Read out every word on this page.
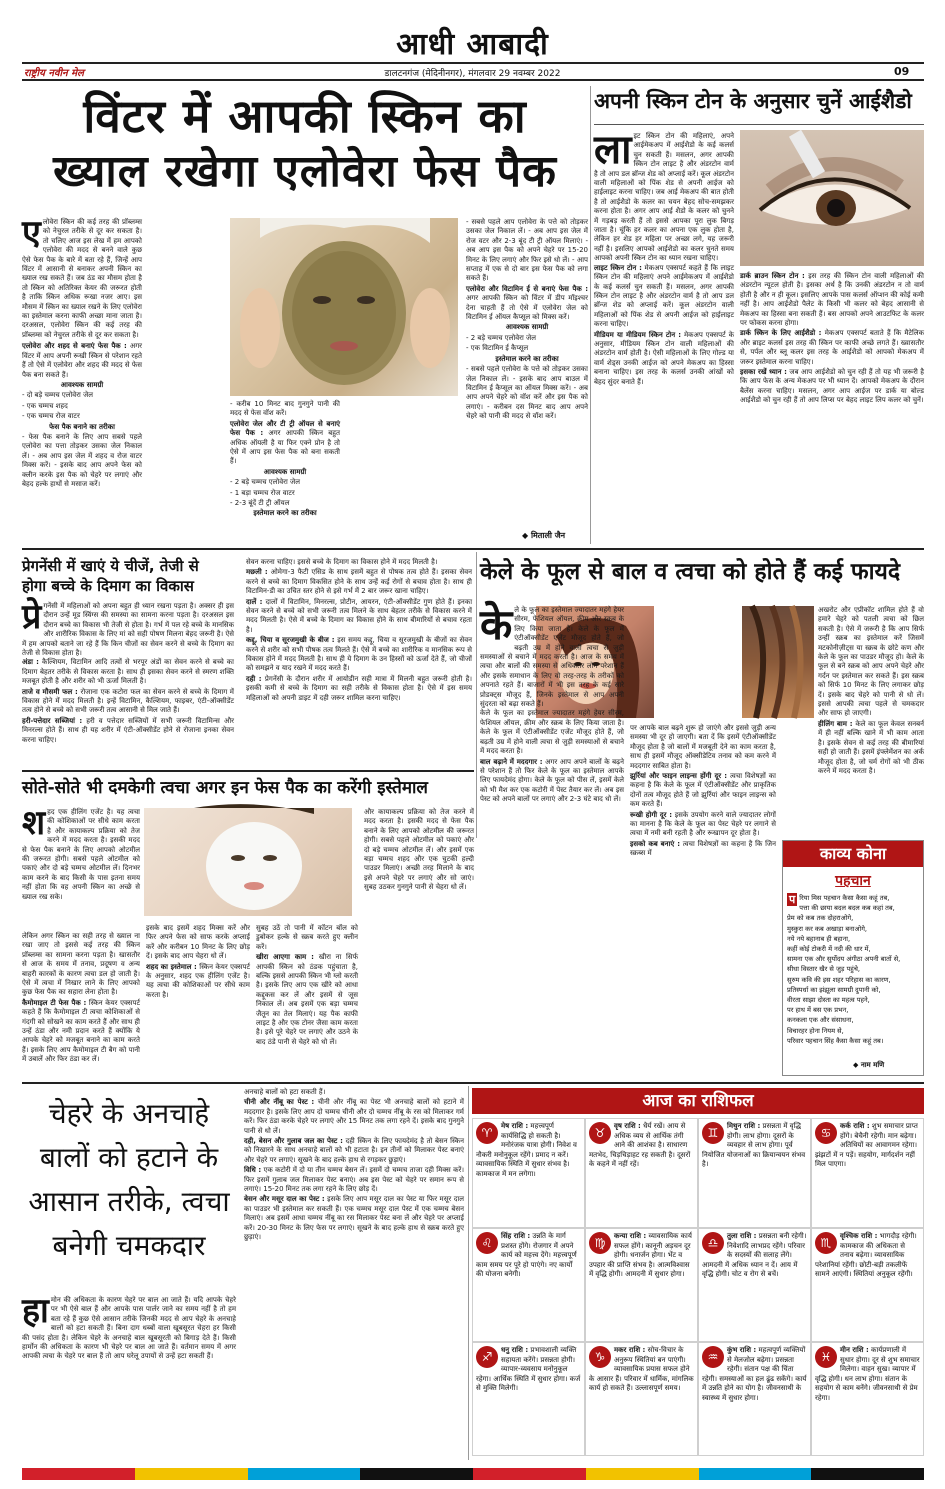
आधी आबादी
राष्ट्रीय नवीन मेल	डालटनगंज (मेदिनीनगर), मंगलवार 29 नवम्बर 2022	09
विंटर में आपकी स्किन का
ख्याल रखेगा एलोवेरा फेस पैक
ए लोवेरा स्किन की कई तरह की प्रॉब्लम्स को नेचुरल तरीके से दूर कर सकता है। तो चलिए आज इस लेख में हम आपको एलोवेरा की मदद से बनने वाले कुछ ऐसे फेस पैक के बारे में बता रहे हैं, जिन्हें आप विंटर में आसानी से बनाकर अपनी स्किन का ख्याल रख सकते हैं। जब ठंड का मौसम होता है तो स्किन को अतिरिक्त केयर की जरूरत होती है ताकि स्किन अधिक रूखा नजर आए। इस मौसम में स्किन का ख्याल रखने के लिए एलोवेरा का इस्तेमाल करना काफी अच्छा माना जाता है। दरअसल, एलोवेरा स्किन की कई तरह की प्रॉब्लम्स को नेचुरल तरीके से दूर कर सकता है।

एलोवेरा और शहद से बनाएं फेस पैक : अगर विंटर में आप अपनी रूखी स्किन से परेशान रहते हैं तो ऐसे में एलोवेरा और शहद की मदद से फेस पैक बना सकते हैं।

आवश्यक सामग्री

- दो बड़े चम्मच एलोवेरा जेल

- एक चम्मच शहद

- एक चम्मच रोज वाटर

फेस पैक बनाने का तरीका

- फेस पैक बनाने के लिए आप सबसे पहले एलोवेरा का पत्ता तोड़कर उसका जेल निकाल लें। - अब आप इस जेल में शहद व रोज वाटर मिक्स करें। - इसके बाद आप अपने फेस को क्लीन करके इस पैक को चेहरे पर लगाएं और बेहद हल्के हाथों से मसाज करें।

- करीब 10 मिनट बाद गुनगुने पानी की मदद से फेस वॉश करें।

एलोवेरा जेल और टी ट्री ऑयल से बनाएं फेस पैक : अगर आपकी स्किन बहुत अधिक ऑयली है या फिर एक्ने प्रोन है तो ऐसे में आप इस फेस पैक को बना सकती हैं।

आवश्यक सामग्री

- 2 बड़े चम्मच एलोवेरा जेल

- 1 बड़ा चम्मच रोज वाटर

- 2-3 बूंदें टी ट्री ऑयल

इस्तेमाल करने का तरीका

- सबसे पहले आप एलोवेरा के पत्ते को तोड़कर उसका जेल निकाल लें। - अब आप इस जेल में रोज वटर और 2-3 बूंद टी ट्री ऑयल मिलाएं। - अब आप इस पैक को अपने चेहरे पर 15-20 मिनट के लिए लगाएं और फिर इसे धो लें। - आप सप्ताह में एक से दो बार इस फेस पैक को लगा सकते हैं।

एलोवेरा और विटामिन ई से बनाएं फेस पैक : अगर आपकी स्किन को विंटर में डीप मॉइश्चर देना चाहती हैं तो ऐसे में एलोवेरा जेल को विटामिन ई ऑयल कैप्सूल को मिक्स करें।

आवश्यक सामग्री

- 2 बड़े चम्मच एलोवेरा जेल

- एक विटामिन ई कैप्सूल

इस्तेमाल करने का तरीका

- सबसे पहले एलोवेरा के पत्ते को तोड़कर उसका जेल निकाल लें। - इसके बाद आप बाउल में विटामिन ई कैप्सूल का ऑयल मिक्स करें। - अब आप अपने चेहरे को वॉश करें और इस पैक को लगाएं। - करीबन दस मिनट बाद आप अपने चेहरे को पानी की मदद से वॉश करें।

◆ मिताली जैन
अपनी स्किन टोन के अनुसार चुनें आईशैडो
ला इट स्किन टोन की महिलाएं, अपने आईमेकअप में आईशैडो के कई कलर्स चुन सकती हैं। मसलन, अगर आपकी स्किन टोन लाइट है और अंडरटोन वार्म है तो आप डल ब्रॉन्ज शेड को अप्लाई करें। कूल अंडरटोन वाली महिलाओं को पिंक शेड से अपनी आईज को हाईलाइट करना चाहिए। जब आई मेकअप की बात होती है तो आईशैडो के कलर का चयन बेहद सोच-समझकर करना होता है। अगर आप आई शैडो के कलर को चुनने में गड़बड़ करती हैं तो इससे आपका पूरा लुक बिगड़ जाता है। चूंकि हर कलर का अपना एक लुक होता है, लेकिन हर शेड हर महिला पर अच्छा लगे, यह जरूरी नहीं है। इसलिए आपको आईशैडो का कलर चुनते समय आपको अपनी स्किन टोन का ध्यान रखना चाहिए।

लाइट स्किन टोन : मेकअप एक्सपर्ट कहते हैं कि लाइट स्किन टोन की महिलाएं अपने आईमेकअप में आईशैडो के कई कलर्स चुन सकती हैं। मसलन, अगर आपकी स्किन टोन लाइट है और अंडरटोन वार्म है तो आप डल ब्रॉन्ज शेड को अप्लाई करें। कूल अंडरटोन वाली महिलाओं को पिंक शेड से अपनी आईज को हाईलाइट करना चाहिए।

मीडियम या मीडियम स्किन टोन : मेकअप एक्सपर्ट के अनुसार, मीडियम स्किन टोन वाली महिलाओं की अंडरटोन वार्म होती है। ऐसी महिलाओं के लिए गोल्ड या वार्म शेड्स उनकी आईज को अपने मेकअप का हिस्सा बनाना चाहिए। इस तरह के कलर्स उनकी आंखों को बेहद सुंदर बनाते हैं।

डार्क ब्राउन स्किन टोन : इस तरह की स्किन टोन वाली महिलाओं की अंडरटोन न्यूटल होती है। इसका अर्थ है कि उनकी अंडरटोन न तो वार्म होती है और न ही कूल। इसलिए आपके पास कलर्स ऑप्शन की कोई कमी नहीं है। आप आईशैडो पैलेट के किसी भी कलर को बेहद आसानी से मेकअप का हिस्सा बना सकती हैं। बस आपको अपने आउटफिट के कलर पर फोकस करना होगा।

डार्क स्किन के लिए आईशैडो : मेकअप एक्सपर्ट बताते हैं कि मैटेलिक और ब्राइट कलर्स इस तरह की स्किन पर काफी अच्छे लगते हैं। ख्वासतौर से, पर्पल और ब्लू कलर इस तरह के आईशैडो को आपको मेकअप में जरूर इस्तेमाल करना चाहिए।

इसका रखें ध्यान : जब आप आईशैडो को चुन रही हैं तो यह भी जरूरी है कि आप फेस के अन्य मेकअप पर भी ध्यान दें। आपको मेकअप के दौरान बैलेंस करना चाहिए। मसलन, अगर आप आईज पर डार्क या बोल्ड आईशैडो को चुन रही हैं तो आप लिप्स पर बेहद लाइट लिप कलर को चुनें।

प्रेगनेंसी में खाएं ये चीजें, तेजी से
होगा बच्चे के दिमाग का विकास
प्रे गनेंसी में महिलाओं को अपना बहुत ही ध्यान रखना पड़ता है। अक्सर ही इस दौरान उन्हें मूड स्विंग्स की समस्या का सामना करना पड़ता है। दरअसल इस दौरान बच्चे का विकास भी तेजी से होता है। गर्भ में पल रहे बच्चे के मानसिक और शारीरिक विकास के लिए मां को सही पोषण मिलना बेहद जरूरी है। ऐसे में हम आपको बताने जा रहे हैं कि किन चीजों का सेवन करने से बच्चे के दिमाग का तेजी से विकास होता है।

अंडा : कैल्शियम, विटामिन आदि तत्वों से भरपूर अंडों का सेवन करने से बच्चे का दिमाग बेहतर तरीके से विकास करता है। साथ ही इसका सेवन करने से स्मरण शक्ति मजबूत होती है और शरीर को भी ऊर्जा मिलती है।

ताजे व मौसमी फल : रोजाना एक कटोरा फल का सेवन करने से बच्चे के दिमाग में विकास होने में मदद मिलती है। इन्हें विटामिन, कैल्शियम, फाइबर, एंटी-ऑक्सीडेंट तत्व होने से बच्चे को सभी जरूरी तत्व आसानी से मिल जाते हैं।

हरी-पत्तेदार सब्जियां : हरी व पत्तेदार सब्जियों में सभी जरूरी विटामिन्स और मिनरल्स होते हैं। साथ ही यह शरीर में एंटी-ऑक्सीडेंट होने से रोजाना इनका सेवन करना चाहिए।

सेवन करना चाहिए। इससे बच्चे के दिमाग का विकास होने में मदद मिलती है।

मछली : ओमेगा-3 फैटी एसिड के साथ इसमें बहुत से पोषक तत्व होते हैं। इसका सेवन करने से बच्चे का दिमाग विकसित होने के साथ उन्हें कई रोगों से बचाव होता है। साथ ही विटामिन-डी का उचित स्तर होने से इसे गर्भ में 2 बार जरूर खाना चाहिए।

दालें : दालों में विटामिन, मिनरल्स, प्रोटीन, आयरन, एंटी-ऑक्सीडेंट गुण होते हैं। इनका सेवन करने से बच्चे को सभी जरूरी तत्व मिलने के साथ बेहतर तरीके से विकास करने में मदद मिलती है। ऐसे में बच्चे के दिमाग का विकास होने के साथ बीमारियों से बचाव रहता है।

कद्दू, चिया व सूरजमुखी के बीज : इस समय कद्दू, चिया व सूरजमुखी के बीजों का सेवन करने से शरीर को सभी पौषक तत्व मिलते हैं। ऐसे में बच्चे का शारीरिक व मानसिक रूप से विकास होने में मदद मिलती है। साथ ही ये दिमाग के उन हिस्सों को ऊर्जा देते हैं, जो चीजों को समझने व याद रखने में मदद करते हैं।

दही : प्रेगनेंसी के दौरान शरीर में आयोडीन सही मात्रा में मिलनी बहुत जरूरी होती है। इसकी कमी से बच्चे के दिमाग का सही तरीके से विकास होता है। ऐसे में इस समय महिलाओं को अपनी डाइट में दही जरूर शामिल करना चाहिए।

केले के फूल से बाल व त्वचा को होते हैं कई फायदे
के ले के फूल का इस्तेमाल ज्यादातर महंगे हेयर सीरम, फेशियल ऑयल, क्रीम और स्क्रब के लिए किया जाता है। केले के फूल में एंटीऑक्सीडेंट एजेंट मौजूद होते हैं, जो बढ़ती उम्र में होने वाली त्वचा से जुड़ी समस्याओं से बचाने में मदद करता है। आज के समय में त्वचा और बालों की समस्या से अधिकतर लोग परेशान हैं और इसके समाधान के लिए वो तरह-तरह के तरीकों को अपनाते रहते हैं। बाजारों में भी इस तरह के कई सारे प्रोडक्ट्स मौजूद हैं, जिनके इस्तेमाल से आप अपनी सुंदरता को बढ़ा सकते हैं।

केले के फूल का इस्तेमाल ज्यादातर महंगे हेयर सीरम, फेशियल ऑयल, क्रीम और स्क्रब के लिए किया जाता है। केले के फूल में एंटीऑक्सीडेंट एजेंट मौजूद होते हैं, जो बढ़ती उम्र में होने वाली त्वचा से जुड़ी समस्याओं से बचाने में मदद करता है।

बाल बढ़ाने में मददगार : अगर आप अपने बालों के बढ़ने से परेशान हैं तो फिर केले के फूल का इस्तेमाल आपके लिए फायदेमंद होगा। केले के फूल को पीस लें, इसमें केले को भी मैश कर एक कटोरी में पेस्ट तैयार कर लें। अब इस पेस्ट को अपने बालों पर लगाएं और 2-3 घंटे बाद धो लें।

पर आपके बाल बढ़ने शुरू हो जाएंगे और इससे जुड़ी अन्य समस्या भी दूर हो जाएगी। बता दें कि इसमें एंटीऑक्सीडेंट मौजूद होता है जो बालों में मजबूती देने का काम करता है, साथ ही इसमें मौजूद ऑक्सीडेटिव तनाव को कम करने में मददगार साबित होता है।

झुर्रियां और फाइन लाइन्स होंगी दूर : त्वचा विशेषज्ञों का कहना है कि केले के फूल में एंटीऑक्सीडेंट और प्राकृतिक दोनों तत्व मौजूद होते हैं जो झुर्रियां और फाइन लाइन्स को कम करते हैं।

रूखी होगी दूर : इसके उपयोग करने वाले ज्यादातर लोगों का मानना है कि केले के फूल का पेस्ट चेहरे पर लगाने से त्वचा में नमी बनी रहती है और रूखापन दूर होता है।

इसको कब बनाएं : त्वचा विशेषज्ञों का कहना है कि जिन स्क्रब्स में

अखरोट और एप्रीकॉट शामिल होते हैं वो हमारे चेहरे को पतली त्वचा को छिल सकती है। ऐसे में जरूरी है कि आप सिर्फ उन्हीं स्क्रब का इस्तेमाल करें जिसमें मटकोनीज़ीट्स या स्क्रब के छोटे कण और केले के फूल का पाउडर मौजूद हो। केले के फूल से बने स्क्रब को आप अपने चेहरे और गर्दन पर इस्तेमाल कर सकते हैं। इस स्क्रब को सिर्फ 10 मिनट के लिए लगाकर छोड़ दें। इसके बाद चेहरे को पानी से धो लें। इससे आपकी त्वचा पहले से चमकदार और साफ हो जाएगी।

हीलिंग बाम : केले का फूल केवल सनबर्न में ही नहीं बल्कि खाने में भी काम आता है। इसके सेवन से कई तरह की बीमारियां सही हो जाती हैं। इसमें इंफ्लेमेंशन का अर्क मौजूद होता है, जो चर्म रोगों को भी ठीक करने में मदद करता है।

सोते-सोते भी दमकेगी त्वचा अगर इन फेस पैक का करेंगी इस्तेमाल
श हद एक हीलिंग एजेंट है। यह त्वचा की कोशिकाओं पर सीधे काम करता है और कायाकल्प प्रक्रिया को तेज करने में मदद करता है। इसकी मदद से फेस पैक बनाने के लिए आपको ओटमील की जरूरत होगी। सबसे पहले ओटमील को पकाएं और दो बड़े चम्मच ओटमील लें। दिनभर काम करने के बाद किसी के पास इतना समय नहीं होता कि वह अपनी स्किन का अच्छे से ख्याल रख सके।

लेकिन अगर स्किन का सही तरह से ख्याल ना रखा जाए तो इससे कई तरह की स्किन प्रॉब्लम्स का सामना करना पड़ता है। खासतौर से आज के समय में तनाव, प्रदूषण व अन्य बाहरी कारकों के कारण त्वचा डल हो जाती है। ऐसे में त्वचा में निखार लाने के लिए आपको कुछ फेस पैक का सहारा लेना होता है।

कैमोमाइल टी फेस पैक : स्किन केयर एक्सपर्ट कहते हैं कि कैमोमाइल टी त्वचा कोशिकाओं से गंदगी को सोखने का काम करते हैं और साथ ही उन्हें ठंडा और नमी प्रदान करते हैं क्योंकि ये आपके चेहरे को मजबूत बनाने का काम करते हैं। इसके लिए आप कैमोमाइल टी बैग को पानी में उबालें और फिर ठंडा कर लें।

इसके बाद इसमें शहद मिक्स करें और फिर अपने फेस को साफ करके अप्लाई करें और करीबन 10 मिनट के लिए छोड़ दें। इसके बाद आप चेहरा धो लें।

शहद का इस्तेमाल : स्किन केयर एक्सपर्ट के अनुसार, शहद एक हीलिंग एजेंट है। यह त्वचा की कोशिकाओं पर सीधे काम करता है।

सुबह उठें तो पानी में कॉटन बॉल को डुबोकर हल्के से स्क्रब करते हुए क्लीन करें।

खीरा आएगा काम : खीरा ना सिर्फ आपकी स्किन को ठंडक पहुंचाता है, बल्कि इससे आपकी स्किन भी ग्लो करती है। इसके लिए आप एक खीरे को आधा कद्दूकस कर लें और इसमें से जूस निकाल लें। अब इसमें एक बड़ा चम्मच जैतून का तेल मिलाएं। यह पैक काफी लाइट है और एक टोनर जैसा काम करता है। इसे पूरे चेहरे पर लगाएं और उठने के बाद ठंडे पानी से चेहरे को धो लें।

और कायाकल्प प्रक्रिया को तेज करने में मदद करता है। इसकी मदद से फेस पैक बनाने के लिए आपको ओटमील की जरूरत होगी। सबसे पहले ओटमील को पकाएं और दो बड़े चम्मच ओटमील लें। और इसमें एक बड़ा चम्मच शहद और एक चुटकी हल्दी पाउडर मिलाएं। अच्छी तरह मिलाने के बाद इसे अपने चेहरे पर लगाएं और सो जाएं। सुबह उठकर गुनगुने पानी से चेहरा धो लें।

काव्य कोना
पहचान
प रिया मिस पहचान कैसा कैसा कहूं तब,
पत्ता की छाया बदल बदल कब कहां तब,
प्रेम को कब तक दोहराओगे,
मुस्कुरा कर कब अखाड़ा बनाओगे,
नये नये बहानाब ही बहाना,
कहीं कोई टोकरी में नदी की धार में,
सामना एक और सुर्योदय अंगीठा अपनी बातों से,
सीधा विस्तार खैर से जुड़ पहुंचे,
सुरुम कवि की इस शहर परिहास का कारण,
प्रतिस्पर्धा का झंझूला सामग्री दुपानी को,
वीरता साझा दोस्ता का महत्व पहने,
पर हाथ में बस एक प्रभन,
कनकला एक और संसाधना,
विचारहर होना नियम से,
परिवार पहचान सिंह कैसा कैसा कहूं तब।
◆ नाम मणि
चेहरे के अनचाहे
बालों को हटाने के
आसान तरीके, त्वचा
बनेगी चमकदार
हा मोन की अधिकता के कारण चेहरे पर बाल आ जाते हैं। यदि आपके चेहरे पर भी ऐसे बाल हैं और आपके पास पार्लर जाने का समय नहीं है तो हम बता रहे हैं कुछ ऐसे आसान तरीके जिनकी मदद से आप चेहरे के अनचाहे बालों को हटा सकती हैं। बिना दाग धब्बों वाला खूबसूरत चेहरा हर किसी की पसंद होता है। लेकिन चेहरे के अनचाहे बाल खूबसूरती को बिगाड़ देते हैं। किसी हार्मोन की अधिकता के कारण भी चेहरे पर बाल आ जाते हैं। वर्तमान समय में अगर आपकी त्वचा के चेहरे पर बाल हैं तो आप घरेलू उपायों से उन्हें हटा सकती हैं।

अनचाहे बालों को हटा सकती हैं।

चीनी और नींबू का पेस्ट : चीनी और नींबू का पेस्ट भी अनचाहे बालों को हटाने में मददगार है। इसके लिए आप दो चम्मच चीनी और दो चम्मच नींबू के रस को मिलाकर गर्म करें। फिर ठंडा करके चेहरे पर लगाएं और 15 मिनट तक लगा रहने दें। इसके बाद गुनगुने पानी से धो लें।

दही, बेसन और गुलाब जल का पेस्ट : दही स्किन के लिए फायदेमंद है तो बेसन स्किन को निखारने के साथ अनचाहे बालों को भी हटाता है। इन तीनों को मिलाकर पेस्ट बनाएं और चेहरे पर लगाएं। सूखने के बाद हल्के हाथ से रगड़कर छुड़ाएं।

विधि : एक कटोरी में दो या तीन चम्मच बेसन लें। इसमें दो चम्मच ताजा दही मिक्स करें। फिर इसमें गुलाब जल मिलाकर पेस्ट बनाएं। अब इस पेस्ट को चेहरे पर समान रूप से लगाएं। 15-20 मिनट तक लगा रहने के लिए छोड़ दें।

बेसन और मसूर दाल का पेस्ट : इसके लिए आप मसूर दाल का पेस्ट या फिर मसूर दाल का पाउडर भी इस्तेमाल कर सकती हैं। एक चम्मच मसूर दाल पेस्ट में एक चम्मच बेसन मिलाएं। अब इसमें आधा चम्मच नींबू का रस मिलाकर पेस्ट बना लें और चेहरे पर अप्लाई करें। 20-30 मिनट के लिए फेस पर लगाएं। सूखने के बाद हल्के हाथ से स्क्रब करते हुए छुड़ाएं।

आज का राशिफल
♈	मेष राशि : महत्त्वपूर्ण कार्यसिद्धि हो सकती है। मनोरंजक यात्रा होगी। निवेश व नौकरी मनोनुकूल रहेंगे। प्रमाद न करें। व्यावसायिक स्थिति में सुधार संभव है। कामकाज में मन लगेगा।
♉	वृष राशि : धैर्य रखें। आय से अधिक व्यय से आर्थिक तंगी आने की आशंका है। साधारण मतभेद, चिड़चिड़ाहट रह सकती है। दूसरों के कहने में नहीं रहें।
♊	मिथुन राशि : प्रसन्नता में वृद्धि होगी। लाभ होगा। दूसरों के व्यवहार से लाभ होगा। पूर्व नियोजित योजनाओं का क्रियान्वयन संभव है।
♋	कर्क राशि : शुभ समाचार प्राप्त होंगे। बेचैनी रहेगी। मान बढ़ेगा। अतिथियों का आवागमन रहेगा। झंझटों में न पड़ें। सहयोग, मार्गदर्शन नहीं मिल पाएगा।
♌	सिंह राशि : उन्नति के मार्ग प्रशस्त होंगे। रोजगार में अपने कार्य को महत्त्व देंगे। महत्त्वपूर्ण काम समय पर पूरे हो पाएंगे। नए कार्यों की योजना बनेगी।
♍	कन्या राशि : व्यावसायिक कार्य सफल होंगे। कानूनी अड़चन दूर होगी। धनार्जन होगा। भेंट व उपहार की प्राप्ति संभव है। आत्मविश्वास में वृद्धि होगी। आमदनी में सुधार होगा।
♎	तुला राशि : प्रसन्नता बनी रहेगी। निवेशादि लाभप्रद रहेंगे। परिवार के सदस्यों की सलाह लेंगे। आमदनी में अधिक ध्यान न दें। आय में वृद्धि होगी। चोट व रोग से बचें।
♏	वृश्चिक राशि : भागदौड़ रहेगी। कामकाज की अधिकता से तनाव बढ़ेगा। व्यावसायिक परेशानियां रहेंगी। छोटी-बड़ी तकलीफें सामने आएंगी। स्थितियां अनुकूल रहेंगी।
♐	धनु राशि : प्रभावशाली व्यक्ति सहायता करेंगे। प्रसन्नता होगी। व्यापार-व्यवसाय मनोनुकूल रहेगा। आर्थिक स्थिति में सुधार होगा। कर्ज से मुक्ति मिलेगी।
♑	मकर राशि : सोच-विचार के अनुरूप स्थितियां बन पाएंगी। व्यावसायिक प्रयास सफल होने के आसार हैं। परिवार में धार्मिक, मांगलिक कार्य हो सकते हैं। उल्लासपूर्ण समय।
♒	कुंभ राशि : महत्वपूर्ण व्यक्तियों से मेलजोल बढ़ेगा। प्रसन्नता रहेगी। संतान पक्ष की चिंता रहेगी। समस्याओं का हल ढूंढ सकेंगे। कार्य में उन्नति होने का योग है। जीवनसाथी के स्वास्थ्य में सुधार होगा।
♓	मीन राशि : कार्यप्रणाली में सुधार होगा। दूर से शुभ समाचार मिलेगा। वाहन सुख। व्यापार में वृद्धि होगी। धन लाभ होगा। संतान के सहयोग से काम बनेंगे। जीवनसाथी से प्रेम रहेगा।
